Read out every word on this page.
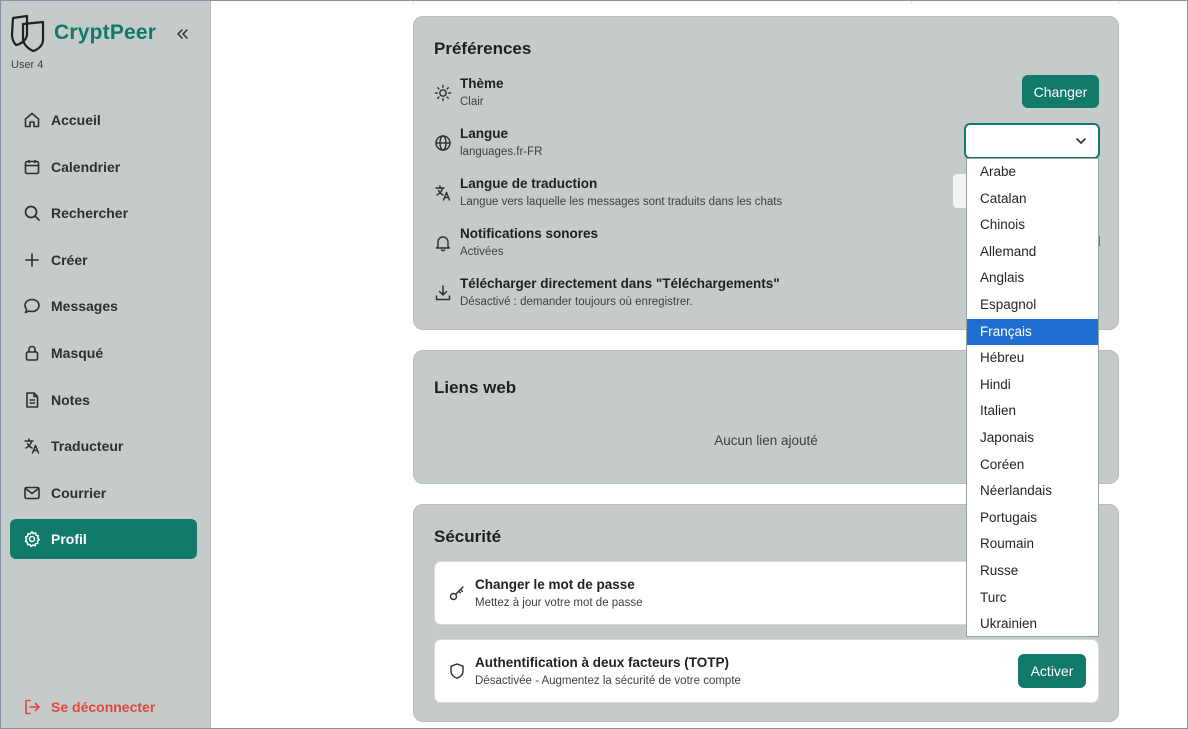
CryptPeer
User 4
Accueil
Calendrier
Rechercher
Créer
Messages
Masqué
Notes
Traducteur
Courrier
Profil
Se déconnecter
Préférences
Thème
Clair
Changer
Langue
languages.fr-FR
Langue de traduction
Langue vers laquelle les messages sont traduits dans les chats
Notifications sonores
Activées
Télécharger directement dans "Téléchargements"
Désactivé : demander toujours où enregistrer.
Liens web
Aucun lien ajouté
Sécurité
Changer le mot de passe
Mettez à jour votre mot de passe
Authentification à deux facteurs (TOTP)
Désactivée - Augmentez la sécurité de votre compte
Activer
Arabe
Catalan
Chinois
Allemand
Anglais
Espagnol
Français
Hébreu
Hindi
Italien
Japonais
Coréen
Néerlandais
Portugais
Roumain
Russe
Turc
Ukrainien
